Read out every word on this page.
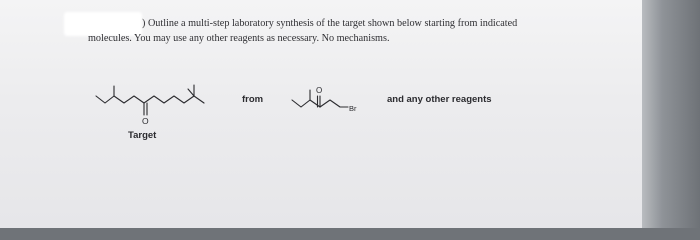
) Outline a multi-step laboratory synthesis of the target shown below starting from indicated
molecules. You may use any other reagents as necessary. No mechanisms.
O
from
O
Br
and any other reagents
Target
